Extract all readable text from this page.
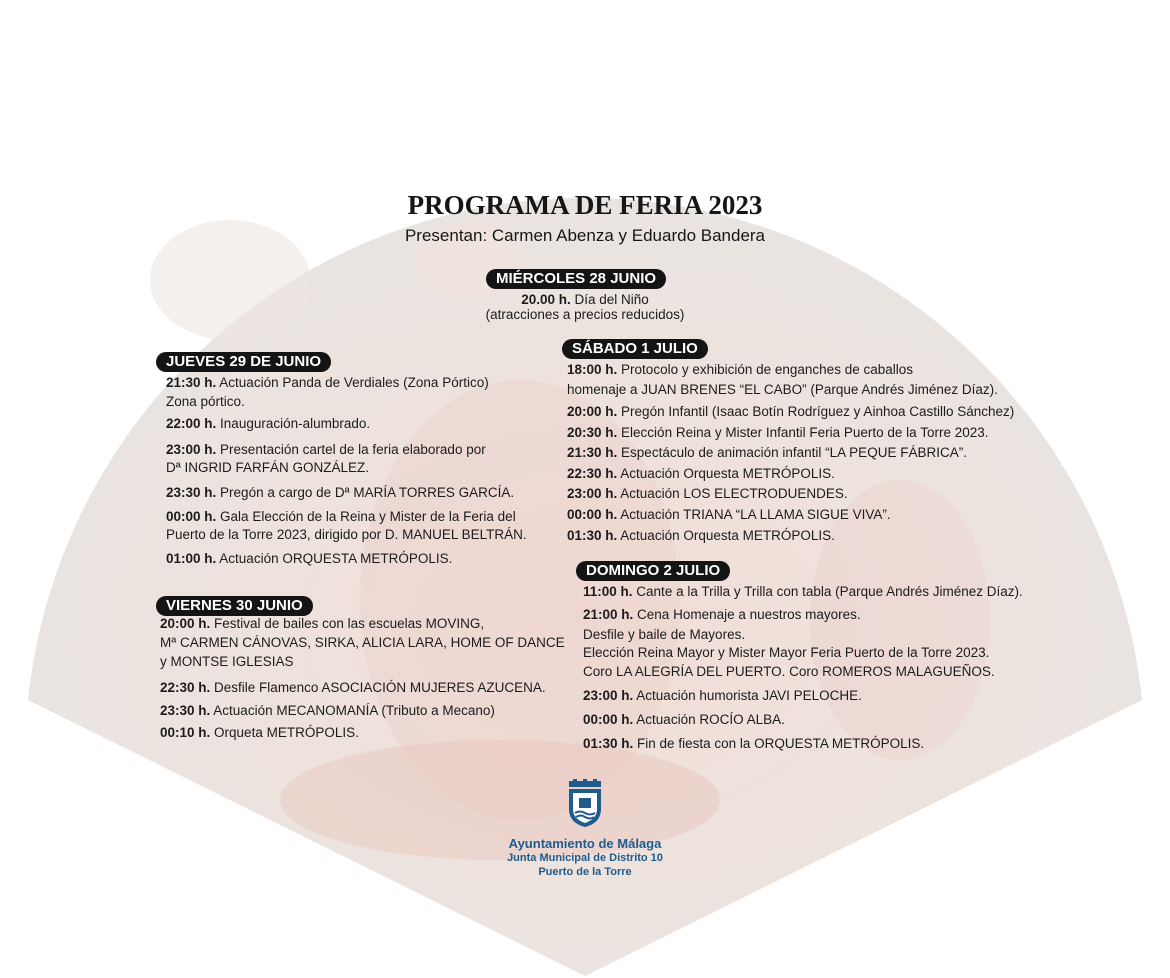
PROGRAMA DE FERIA 2023
Presentan: Carmen Abenza y Eduardo Bandera
MIÉRCOLES 28 JUNIO
20.00 h. Día del Niño
(atracciones a precios reducidos)
JUEVES 29 DE JUNIO
21:30 h. Actuación Panda de Verdiales (Zona Pórtico)
Zona pórtico.
22:00 h. Inauguración-alumbrado.
23:00 h. Presentación cartel de la feria elaborado por
Dª INGRID FARFÁN GONZÁLEZ.
23:30 h. Pregón a cargo de Dª MARÍA TORRES GARCÍA.
00:00 h. Gala Elección de la Reina y Mister de la Feria del
Puerto de la Torre 2023, dirigido por D. MANUEL BELTRÁN.
01:00 h. Actuación ORQUESTA METRÓPOLIS.
VIERNES 30 JUNIO
20:00 h. Festival de bailes con las escuelas MOVING,
Mª CARMEN CÁNOVAS, SIRKA, ALICIA LARA, HOME OF DANCE
y MONTSE IGLESIAS
22:30 h. Desfile Flamenco ASOCIACIÓN MUJERES AZUCENA.
23:30 h. Actuación MECANOMANÍA (Tributo a Mecano)
00:10 h. Orqueta METRÓPOLIS.
SÁBADO 1 JULIO
18:00 h. Protocolo y exhibición de enganches de caballos
homenaje a JUAN BRENES “EL CABO” (Parque Andrés Jiménez Díaz).
20:00 h. Pregón Infantil (Isaac Botín Rodríguez y Ainhoa Castillo Sánchez)
20:30 h. Elección Reina y Mister Infantil Feria Puerto de la Torre 2023.
21:30 h. Espectáculo de animación infantil “LA PEQUE FÁBRICA”.
22:30 h. Actuación Orquesta METRÓPOLIS.
23:00 h. Actuación LOS ELECTRODUENDES.
00:00 h. Actuación TRIANA “LA LLAMA SIGUE VIVA”.
01:30 h. Actuación Orquesta METRÓPOLIS.
DOMINGO 2 JULIO
11:00 h. Cante a la Trilla y Trilla con tabla (Parque Andrés Jiménez Díaz).
21:00 h. Cena Homenaje a nuestros mayores.
Desfile y baile de Mayores.
Elección Reina Mayor y Mister Mayor Feria Puerto de la Torre 2023.
Coro LA ALEGRÍA DEL PUERTO. Coro ROMEROS MALAGUEÑOS.
23:00 h. Actuación humorista JAVI PELOCHE.
00:00 h. Actuación ROCÍO ALBA.
01:30 h. Fin de fiesta con la ORQUESTA METRÓPOLIS.
Ayuntamiento de Málaga
Junta Municipal de Distrito 10
Puerto de la Torre
